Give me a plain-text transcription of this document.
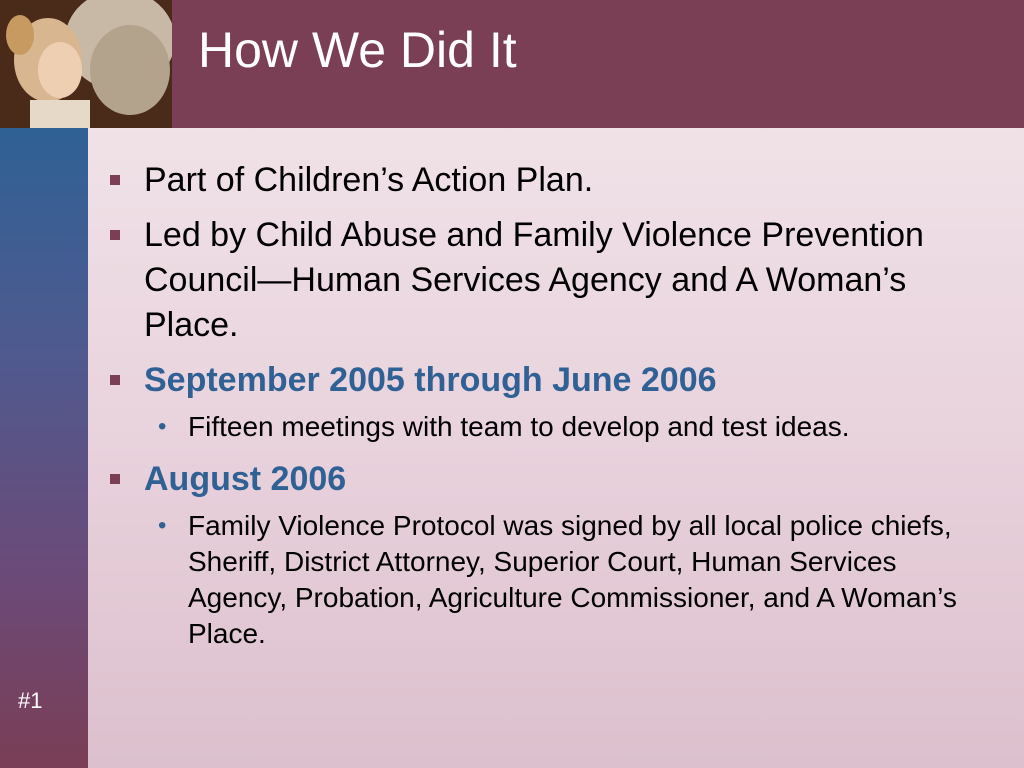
How We Did It
#1
Part of Children’s Action Plan.
Led by Child Abuse and Family Violence Prevention Council—Human Services Agency and A Woman’s Place.
September 2005 through June 2006
• Fifteen meetings with team to develop and test ideas.
August 2006
• Family Violence Protocol was signed by all local police chiefs, Sheriff, District Attorney, Superior Court, Human Services Agency, Probation, Agriculture Commissioner, and A Woman’s Place.
